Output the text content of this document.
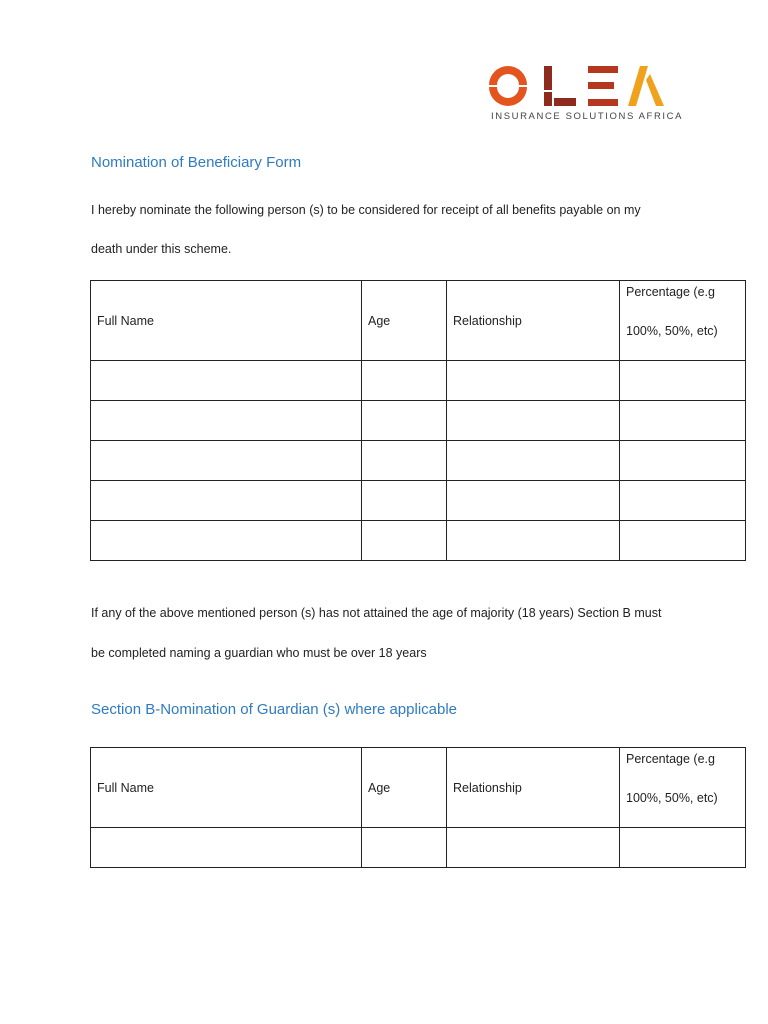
INSURANCE SOLUTIONS AFRICA
Nomination of Beneficiary Form
I hereby nominate the following person (s) to be considered for receipt of all benefits payable on my
death under this scheme.
Full Name	Age	Relationship	Percentage (e.g
100%, 50%, etc)

If any of the above mentioned person (s) has not attained the age of majority (18 years) Section B must
be completed naming a guardian who must be over 18 years
Section B-Nomination of Guardian (s) where applicable
Full Name	Age	Relationship	Percentage (e.g
100%, 50%, etc)
